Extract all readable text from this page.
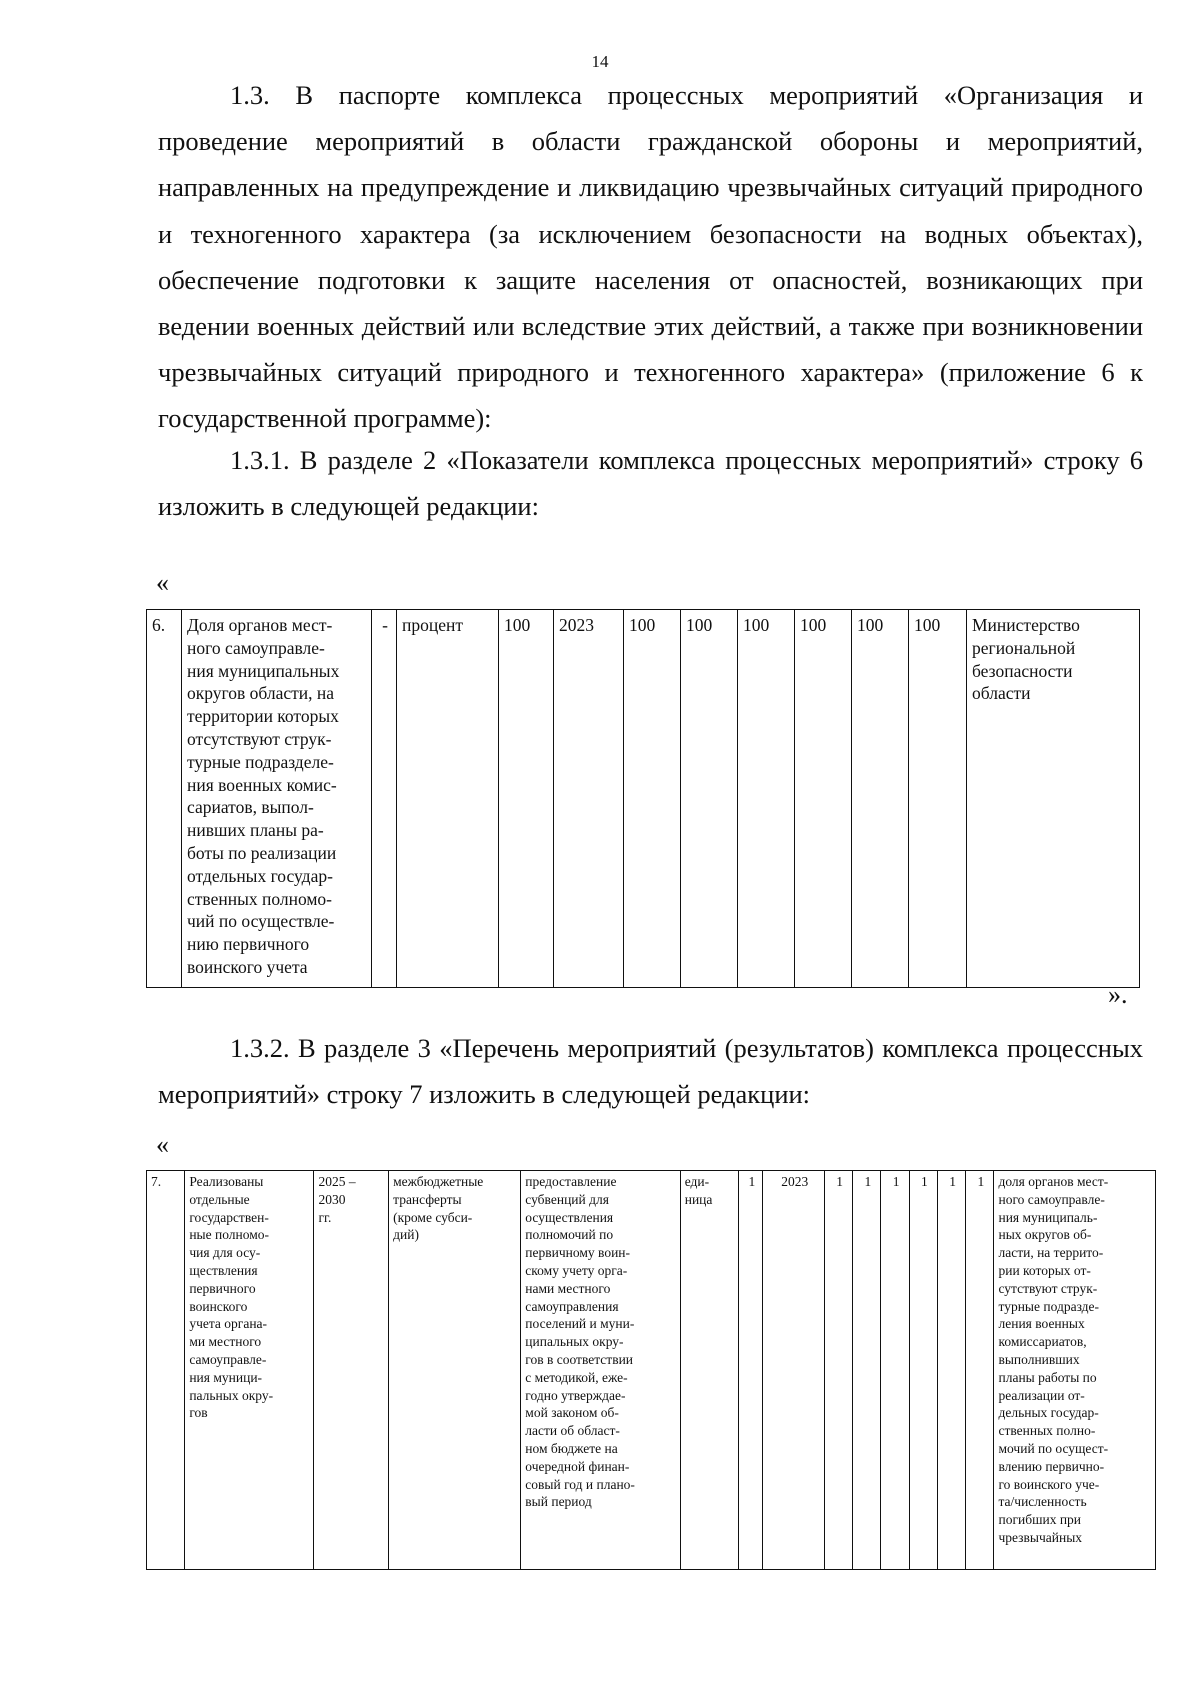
14

1.3. В паспорте комплекса процессных мероприятий «Организация и проведение мероприятий в области гражданской обороны и мероприятий, направленных на предупреждение и ликвидацию чрезвычайных ситуаций природного и техногенного характера (за исключением безопасности на водных объектах), обеспечение подготовки к защите населения от опасностей, возникающих при ведении военных действий или вследствие этих действий, а также при возникновении чрезвычайных ситуаций природного и техногенного характера» (приложение 6 к государственной программе):

1.3.1. В разделе 2 «Показатели комплекса процессных мероприятий» строку 6 изложить в следующей редакции:

«
6.	Доля органов мест-
ного самоуправле-
ния муниципальных
округов области, на
территории которых
отсутствуют струк-
турные подразделе-
ния военных комис-
сариатов, выпол-
нивших планы ра-
боты по реализации
отдельных государ-
ственных полномо-
чий по осуществле-
нию первичного
воинского учета	-	процент	100	2023	100	100	100	100	100	100	Министерство
региональной
безопасности
области
».

1.3.2. В разделе 3 «Перечень мероприятий (результатов) комплекса процессных мероприятий» строку 7 изложить в следующей редакции:

«
7.	Реализованы
отдельные
государствен-
ные полномо-
чия для осу-
ществления
первичного
воинского
учета органа-
ми местного
самоуправле-
ния муници-
пальных окру-
гов	2025 –
2030
гг.	межбюджетные
трансферты
(кроме субси-
дий)	предоставление
субвенций для
осуществления
полномочий по
первичному воин-
скому учету орга-
нами местного
самоуправления
поселений и муни-
ципальных окру-
гов в соответствии
с методикой, еже-
годно утверждае-
мой законом об-
ласти об област-
ном бюджете на
очередной финан-
совый год и плано-
вый период	еди-
ница	1	2023	1	1	1	1	1	1	доля органов мест-
ного самоуправле-
ния муниципаль-
ных округов об-
ласти, на террито-
рии которых от-
сутствуют струк-
турные подразде-
ления военных
комиссариатов,
выполнивших
планы работы по
реализации от-
дельных государ-
ственных полно-
мочий по осущест-
влению первично-
го воинского уче-
та/численность
погибших при
чрезвычайных
